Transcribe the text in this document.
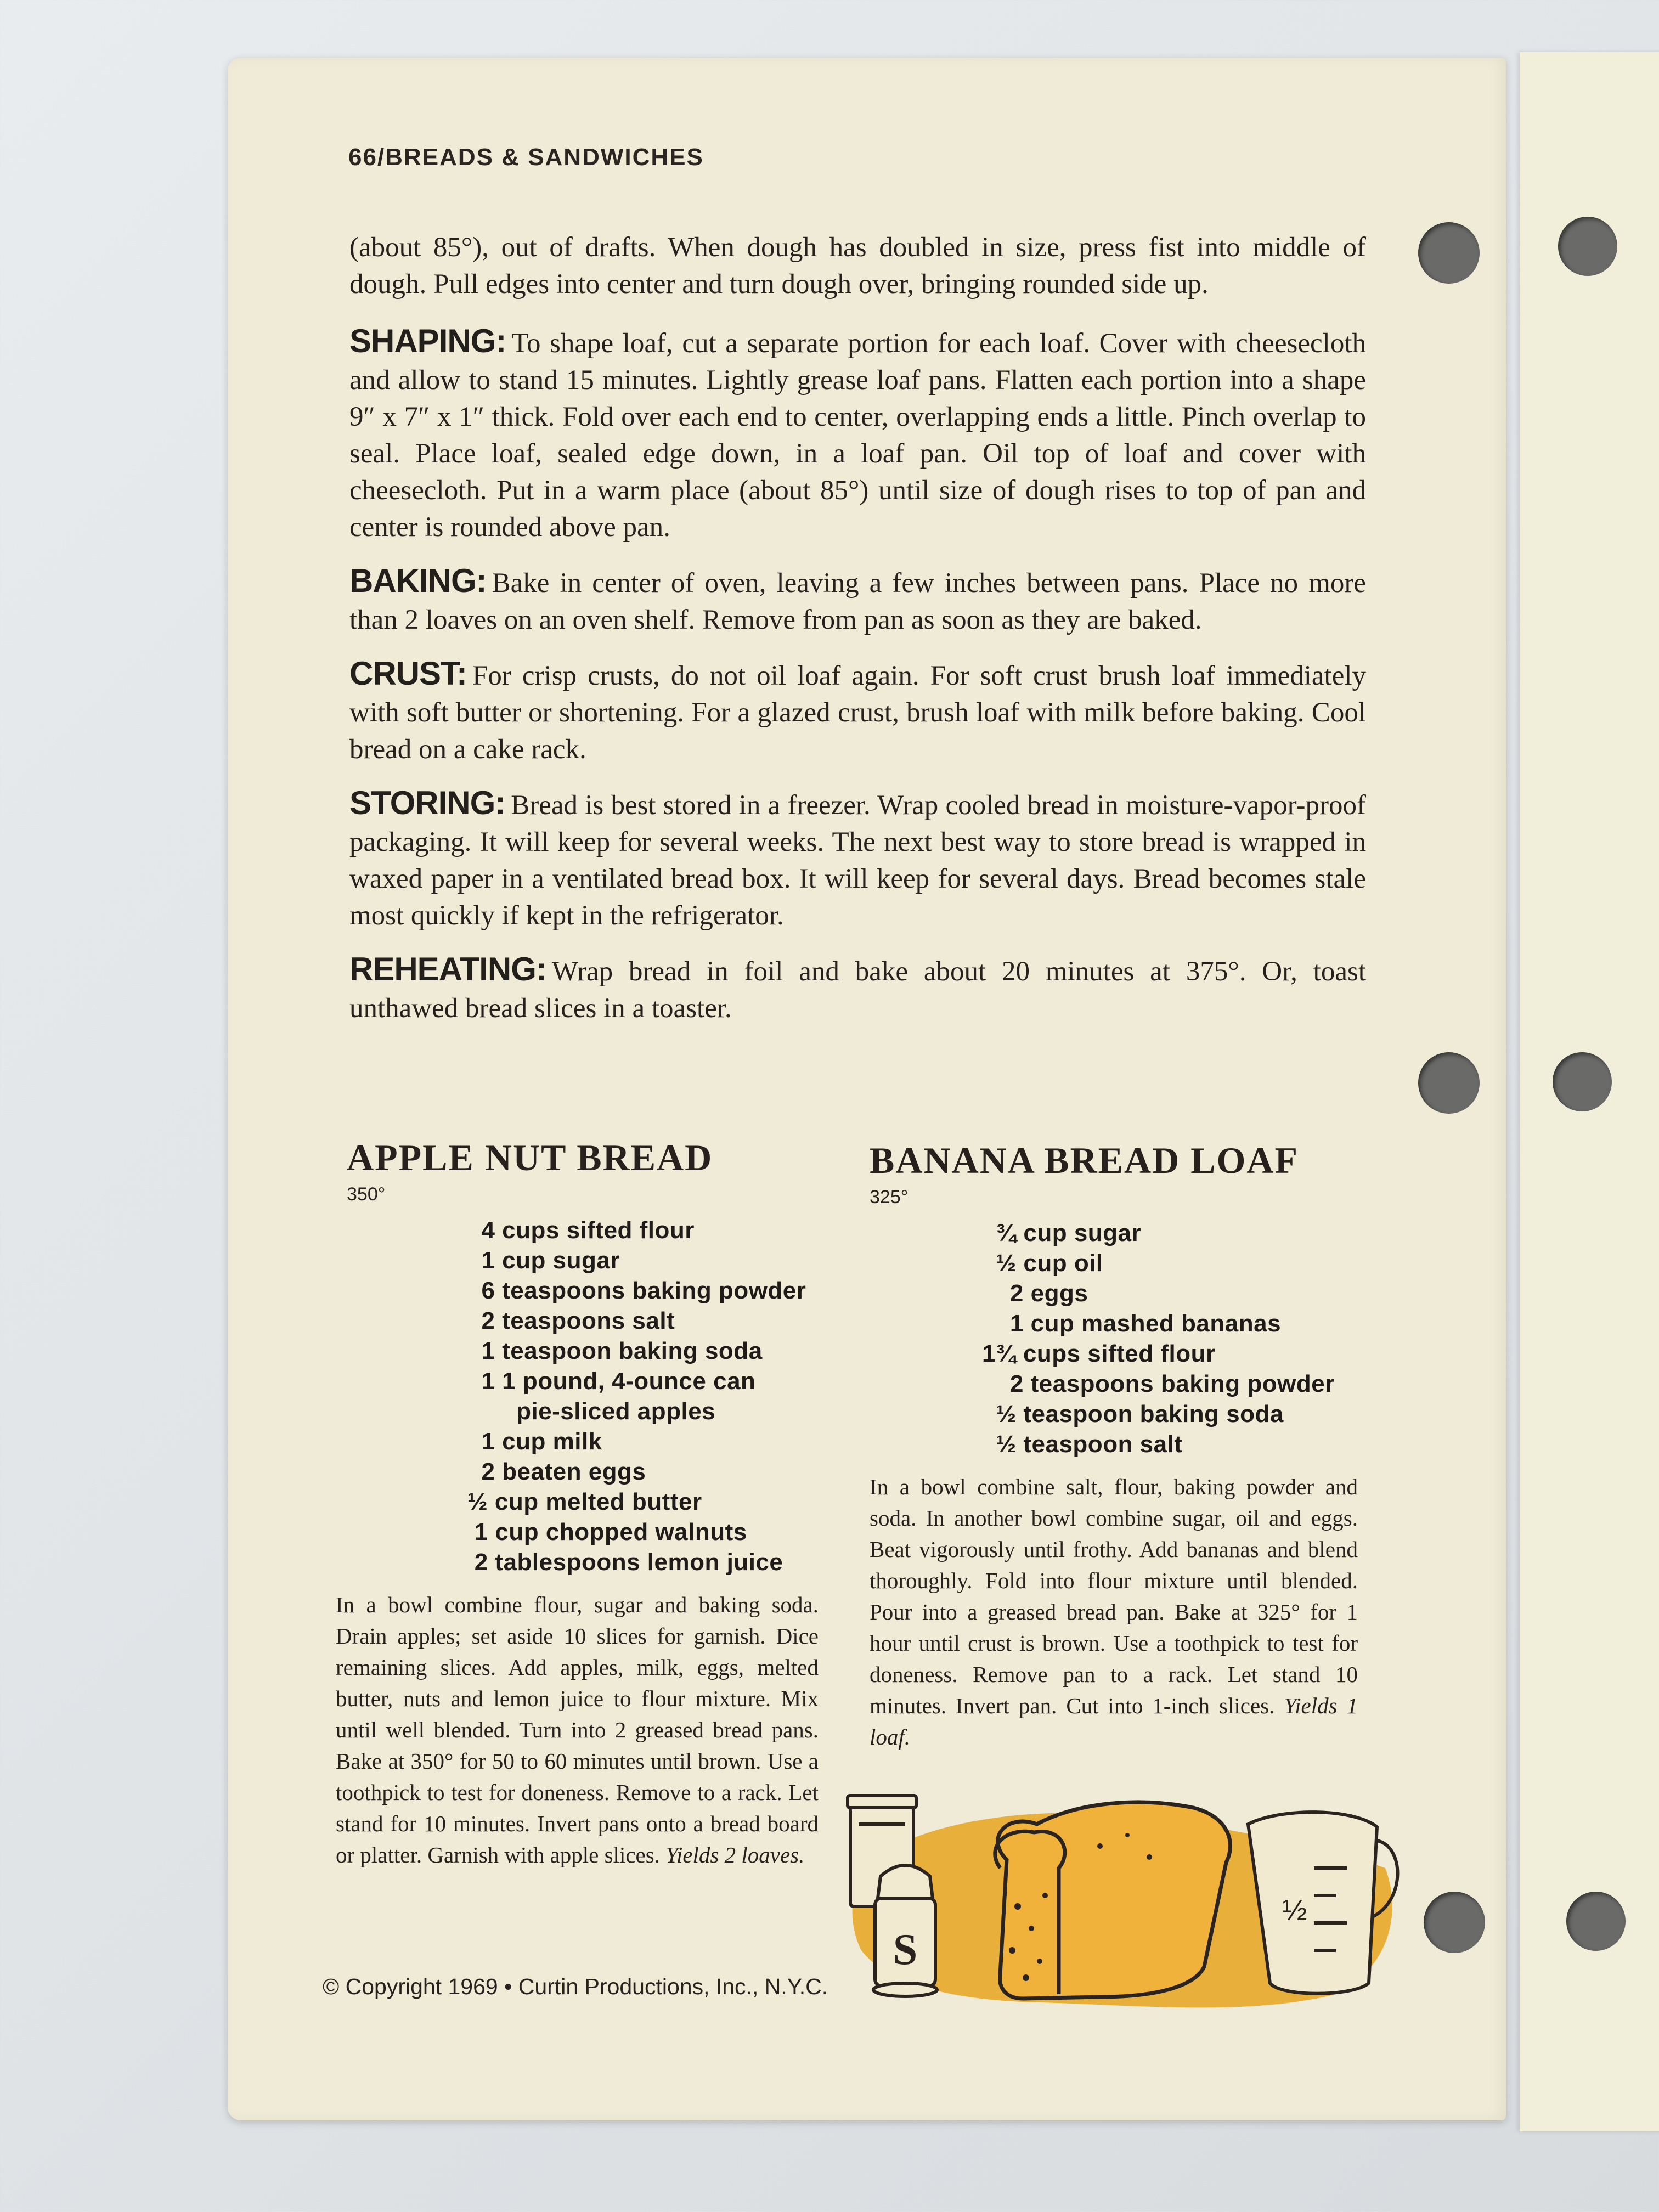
66/BREADS & SANDWICHES

(about 85°), out of drafts. When dough has doubled in size, press fist into middle of dough. Pull edges into center and turn dough over, bringing rounded side up.

SHAPING: To shape loaf, cut a separate portion for each loaf. Cover with cheesecloth and allow to stand 15 minutes. Lightly grease loaf pans. Flatten each portion into a shape 9″ x 7″ x 1″ thick. Fold over each end to center, overlapping ends a little. Pinch overlap to seal. Place loaf, sealed edge down, in a loaf pan. Oil top of loaf and cover with cheesecloth. Put in a warm place (about 85°) until size of dough rises to top of pan and center is rounded above pan.

BAKING: Bake in center of oven, leaving a few inches between pans. Place no more than 2 loaves on an oven shelf. Remove from pan as soon as they are baked.

CRUST: For crisp crusts, do not oil loaf again. For soft crust brush loaf immediately with soft butter or shortening. For a glazed crust, brush loaf with milk before baking. Cool bread on a cake rack.

STORING: Bread is best stored in a freezer. Wrap cooled bread in moisture-vapor-proof packaging. It will keep for several weeks. The next best way to store bread is wrapped in waxed paper in a ventilated bread box. It will keep for several days. Bread becomes stale most quickly if kept in the refrigerator.

REHEATING: Wrap bread in foil and bake about 20 minutes at 375°. Or, toast unthawed bread slices in a toaster.

APPLE NUT BREAD
350°
4 cups sifted flour
1 cup sugar
6 teaspoons baking powder
2 teaspoons salt
1 teaspoon baking soda
1 1 pound, 4-ounce can
pie-sliced apples
1 cup milk
2 beaten eggs
½ cup melted butter
1 cup chopped walnuts
2 tablespoons lemon juice

In a bowl combine flour, sugar and baking soda. Drain apples; set aside 10 slices for garnish. Dice remaining slices. Add apples, milk, eggs, melted butter, nuts and lemon juice to flour mixture. Mix until well blended. Turn into 2 greased bread pans. Bake at 350° for 50 to 60 minutes until brown. Use a toothpick to test for doneness. Remove to a rack. Let stand for 10 minutes. Invert pans onto a bread board or platter. Garnish with apple slices. Yields 2 loaves.

BANANA BREAD LOAF
325°
¾ cup sugar
½ cup oil
2 eggs
1 cup mashed bananas
1¾ cups sifted flour
2 teaspoons baking powder
½ teaspoon baking soda
½ teaspoon salt

In a bowl combine salt, flour, baking powder and soda. In another bowl combine sugar, oil and eggs. Beat vigorously until frothy. Add bananas and blend thoroughly. Fold into flour mixture until blended. Pour into a greased bread pan. Bake at 325° for 1 hour until crust is brown. Use a toothpick to test for doneness. Remove pan to a rack. Let stand 10 minutes. Invert pan. Cut into 1-inch slices. Yields 1 loaf.

S
½
© Copyright 1969 • Curtin Productions, Inc., N.Y.C.
